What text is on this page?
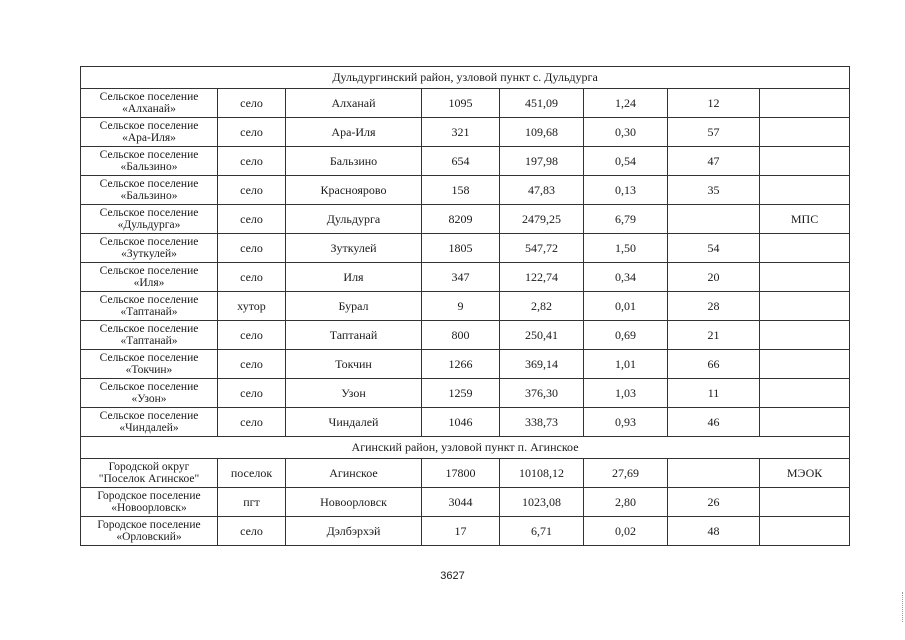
Дульдургинский район, узловой пункт с. Дульдурга							

Сельское поселение
«Алханай»	село	Алханай	1095	451,09	1,24	12	

Сельское поселение
«Ара-Иля»	село	Ара-Иля	321	109,68	0,30	57	

Сельское поселение
«Бальзино»	село	Бальзино	654	197,98	0,54	47	

Сельское поселение
«Бальзино»	село	Красноярово	158	47,83	0,13	35	

Сельское поселение
«Дульдурга»	село	Дульдурга	8209	2479,25	6,79		МПС

Сельское поселение
«Зуткулей»	село	Зуткулей	1805	547,72	1,50	54	

Сельское поселение
«Иля»	село	Иля	347	122,74	0,34	20	

Сельское поселение
«Таптанай»	хутор	Бурал	9	2,82	0,01	28	

Сельское поселение
«Таптанай»	село	Таптанай	800	250,41	0,69	21	

Сельское поселение
«Токчин»	село	Токчин	1266	369,14	1,01	66	

Сельское поселение
«Узон»	село	Узон	1259	376,30	1,03	11	

Сельское поселение
«Чиндалей»	село	Чиндалей	1046	338,73	0,93	46	
Агинский район, узловой пункт п. Агинское							

Городской округ
"Поселок Агинское"	поселок	Агинское	17800	10108,12	27,69		МЭОК

Городское поселение
«Новоорловск»	пгт	Новоорловск	3044	1023,08	2,80	26	

Городское поселение
«Орловский»	село	Дэлбэрхэй	17	6,71	0,02	48	
3627
